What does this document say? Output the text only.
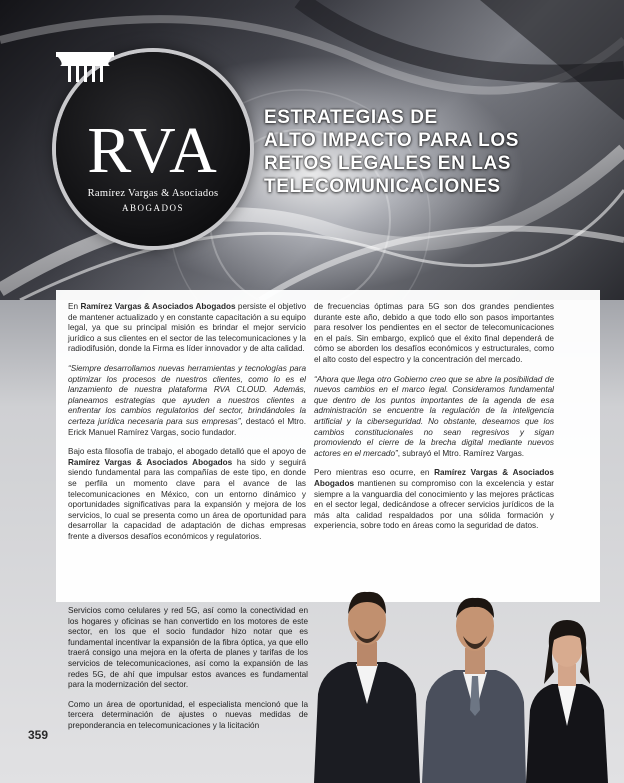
RVA
Ramírez Vargas & Asociados
ABOGADOS
ESTRATEGIAS DE
ALTO IMPACTO PARA LOS
RETOS LEGALES EN LAS
TELECOMUNICACIONES

En Ramírez Vargas & Asociados Abogados persiste el objetivo de mantener actualizado y en constante capacitación a su equipo legal, ya que su principal misión es brindar el mejor servicio jurídico a sus clientes en el sector de las telecomunicaciones y la radiodifusión, donde la Firma es líder innovador y de alta calidad.

“Siempre desarrollamos nuevas herramientas y tecnologías para optimizar los procesos de nuestros clientes, como lo es el lanzamiento de nuestra plataforma RVA CLOUD. Además, planeamos estrategias que ayuden a nuestros clientes a enfrentar los cambios regulatorios del sector, brindándoles la certeza jurídica necesaria para sus empresas”, destacó el Mtro. Erick Manuel Ramírez Vargas, socio fundador.

Bajo esta filosofía de trabajo, el abogado detalló que el apoyo de Ramírez Vargas & Asociados Abogados ha sido y seguirá siendo fundamental para las compañías de este tipo, en donde se perfila un momento clave para el avance de las telecomunicaciones en México, con un entorno dinámico y oportunidades significativas para la expansión y mejora de los servicios, lo cual se presenta como un área de oportunidad para desarrollar la capacidad de adaptación de dichas empresas frente a diversos desafíos económicos y regulatorios.

de frecuencias óptimas para 5G son dos grandes pendientes durante este año, debido a que todo ello son pasos importantes para resolver los pendientes en el sector de telecomunicaciones en el país. Sin embargo, explicó que el éxito final dependerá de cómo se aborden los desafíos económicos y estructurales, como el alto costo del espectro y la concentración del mercado.

“Ahora que llega otro Gobierno creo que se abre la posibilidad de nuevos cambios en el marco legal. Consideramos fundamental que dentro de los puntos importantes de la agenda de esa administración se encuentre la regulación de la inteligencia artificial y la ciberseguridad. No obstante, deseamos que los cambios constitucionales no sean regresivos y sigan promoviendo el cierre de la brecha digital mediante nuevos actores en el mercado”, subrayó el Mtro. Ramírez Vargas.

Pero mientras eso ocurre, en Ramírez Vargas & Asociados Abogados mantienen su compromiso con la excelencia y estar siempre a la vanguardia del conocimiento y las mejores prácticas en el sector legal, dedicándose a ofrecer servicios jurídicos de la más alta calidad respaldados por una sólida formación y experiencia, sobre todo en áreas como la seguridad de datos.

Servicios como celulares y red 5G, así como la conectividad en los hogares y oficinas se han convertido en los motores de este sector, en los que el socio fundador hizo notar que es fundamental incentivar la expansión de la fibra óptica, ya que ello traerá consigo una mejora en la oferta de planes y tarifas de los servicios de telecomunicaciones, así como la expansión de las redes 5G, de ahí que impulsar estos avances es fundamental para la modernización del sector.

Como un área de oportunidad, el especialista mencionó que la tercera determinación de ajustes o nuevas medidas de preponderancia en telecomunicaciones y la licitación

359
